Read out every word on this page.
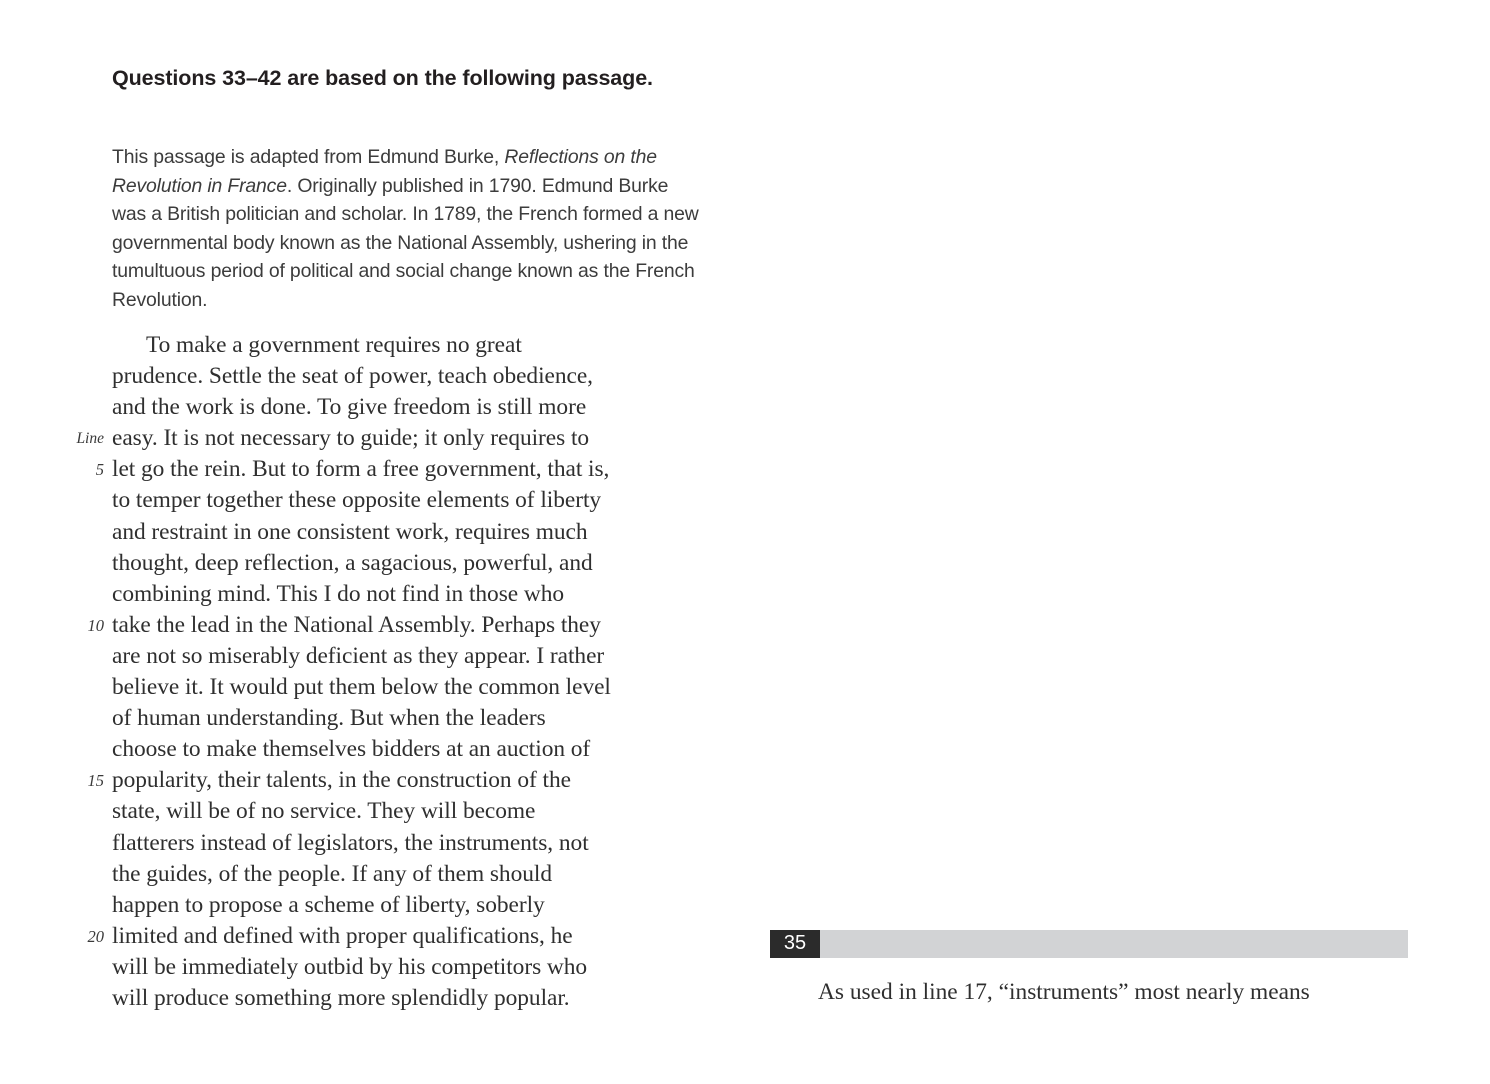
Questions 33–42 are based on the following passage.
This passage is adapted from Edmund Burke, Reflections on the Revolution in France. Originally published in 1790. Edmund Burke was a British politician and scholar. In 1789, the French formed a new governmental body known as the National Assembly, ushering in the tumultuous period of political and social change known as the French Revolution.
To make a government requires no great
prudence. Settle the seat of power, teach obedience,
and the work is done. To give freedom is still more
Line easy. It is not necessary to guide; it only requires to
5 let go the rein. But to form a free government, that is,
to temper together these opposite elements of liberty
and restraint in one consistent work, requires much
thought, deep reflection, a sagacious, powerful, and
combining mind. This I do not find in those who
10 take the lead in the National Assembly. Perhaps they
are not so miserably deficient as they appear. I rather
believe it. It would put them below the common level
of human understanding. But when the leaders
choose to make themselves bidders at an auction of
15 popularity, their talents, in the construction of the
state, will be of no service. They will become
flatterers instead of legislators, the instruments, not
the guides, of the people. If any of them should
happen to propose a scheme of liberty, soberly
20 limited and defined with proper qualifications, he
will be immediately outbid by his competitors who
will produce something more splendidly popular.
35
As used in line 17, “instruments” most nearly means
